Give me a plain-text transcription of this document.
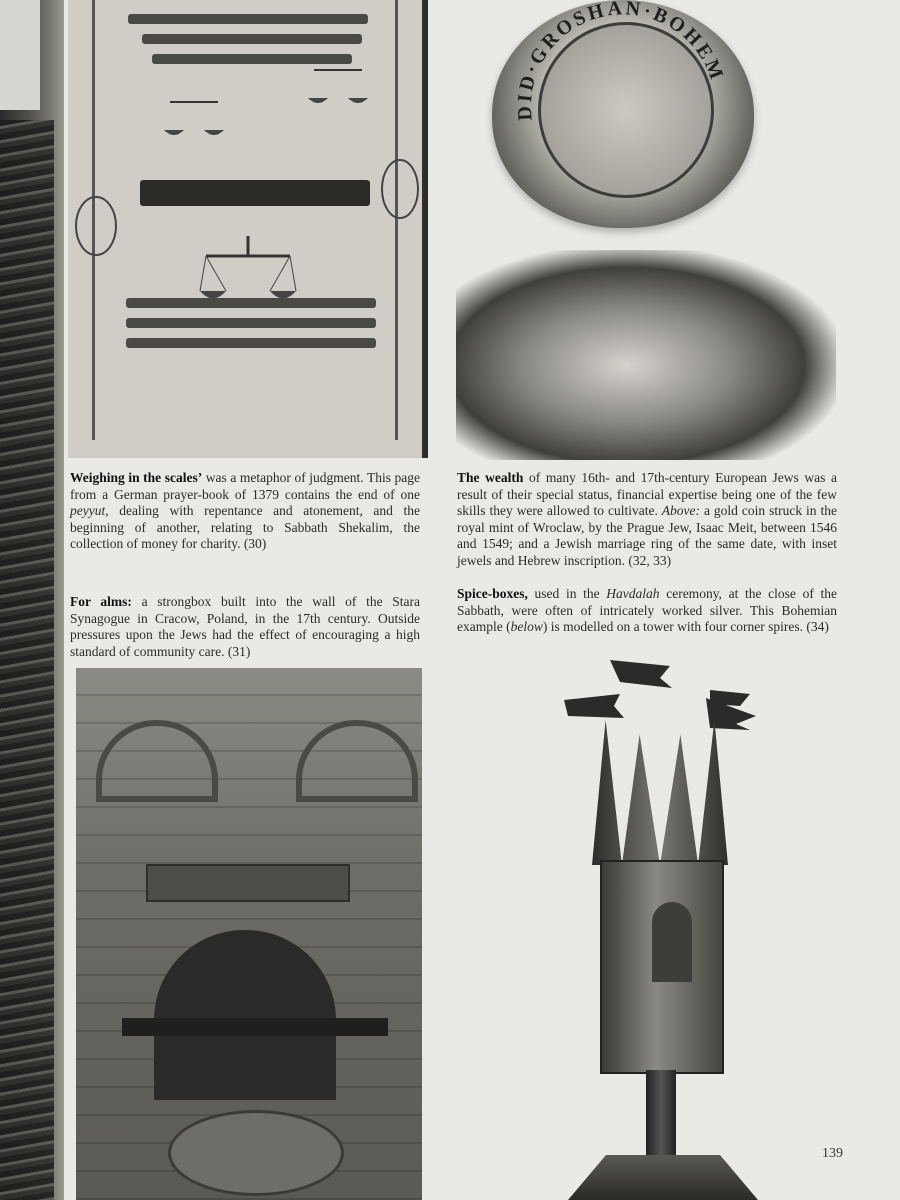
DID·GROSHAN·BOHEM
Weighing in the scales’ was a metaphor of judgment. This page from a German prayer-book of 1379 contains the end of one peyyut, dealing with repentance and atonement, and the beginning of another, relating to Sabbath Shekalim, the collection of money for charity. (30)
For alms: a strongbox built into the wall of the Stara Synagogue in Cracow, Poland, in the 17th century. Outside pressures upon the Jews had the effect of encouraging a high standard of community care. (31)
The wealth of many 16th- and 17th-century European Jews was a result of their special status, financial expertise being one of the few skills they were allowed to cultivate. Above: a gold coin struck in the royal mint of Wroclaw, by the Prague Jew, Isaac Meit, between 1546 and 1549; and a Jewish marriage ring of the same date, with inset jewels and Hebrew inscription. (32, 33)
Spice-boxes, used in the Havdalah ceremony, at the close of the Sabbath, were often of intricately worked silver. This Bohemian example (below) is modelled on a tower with four corner spires. (34)
139
